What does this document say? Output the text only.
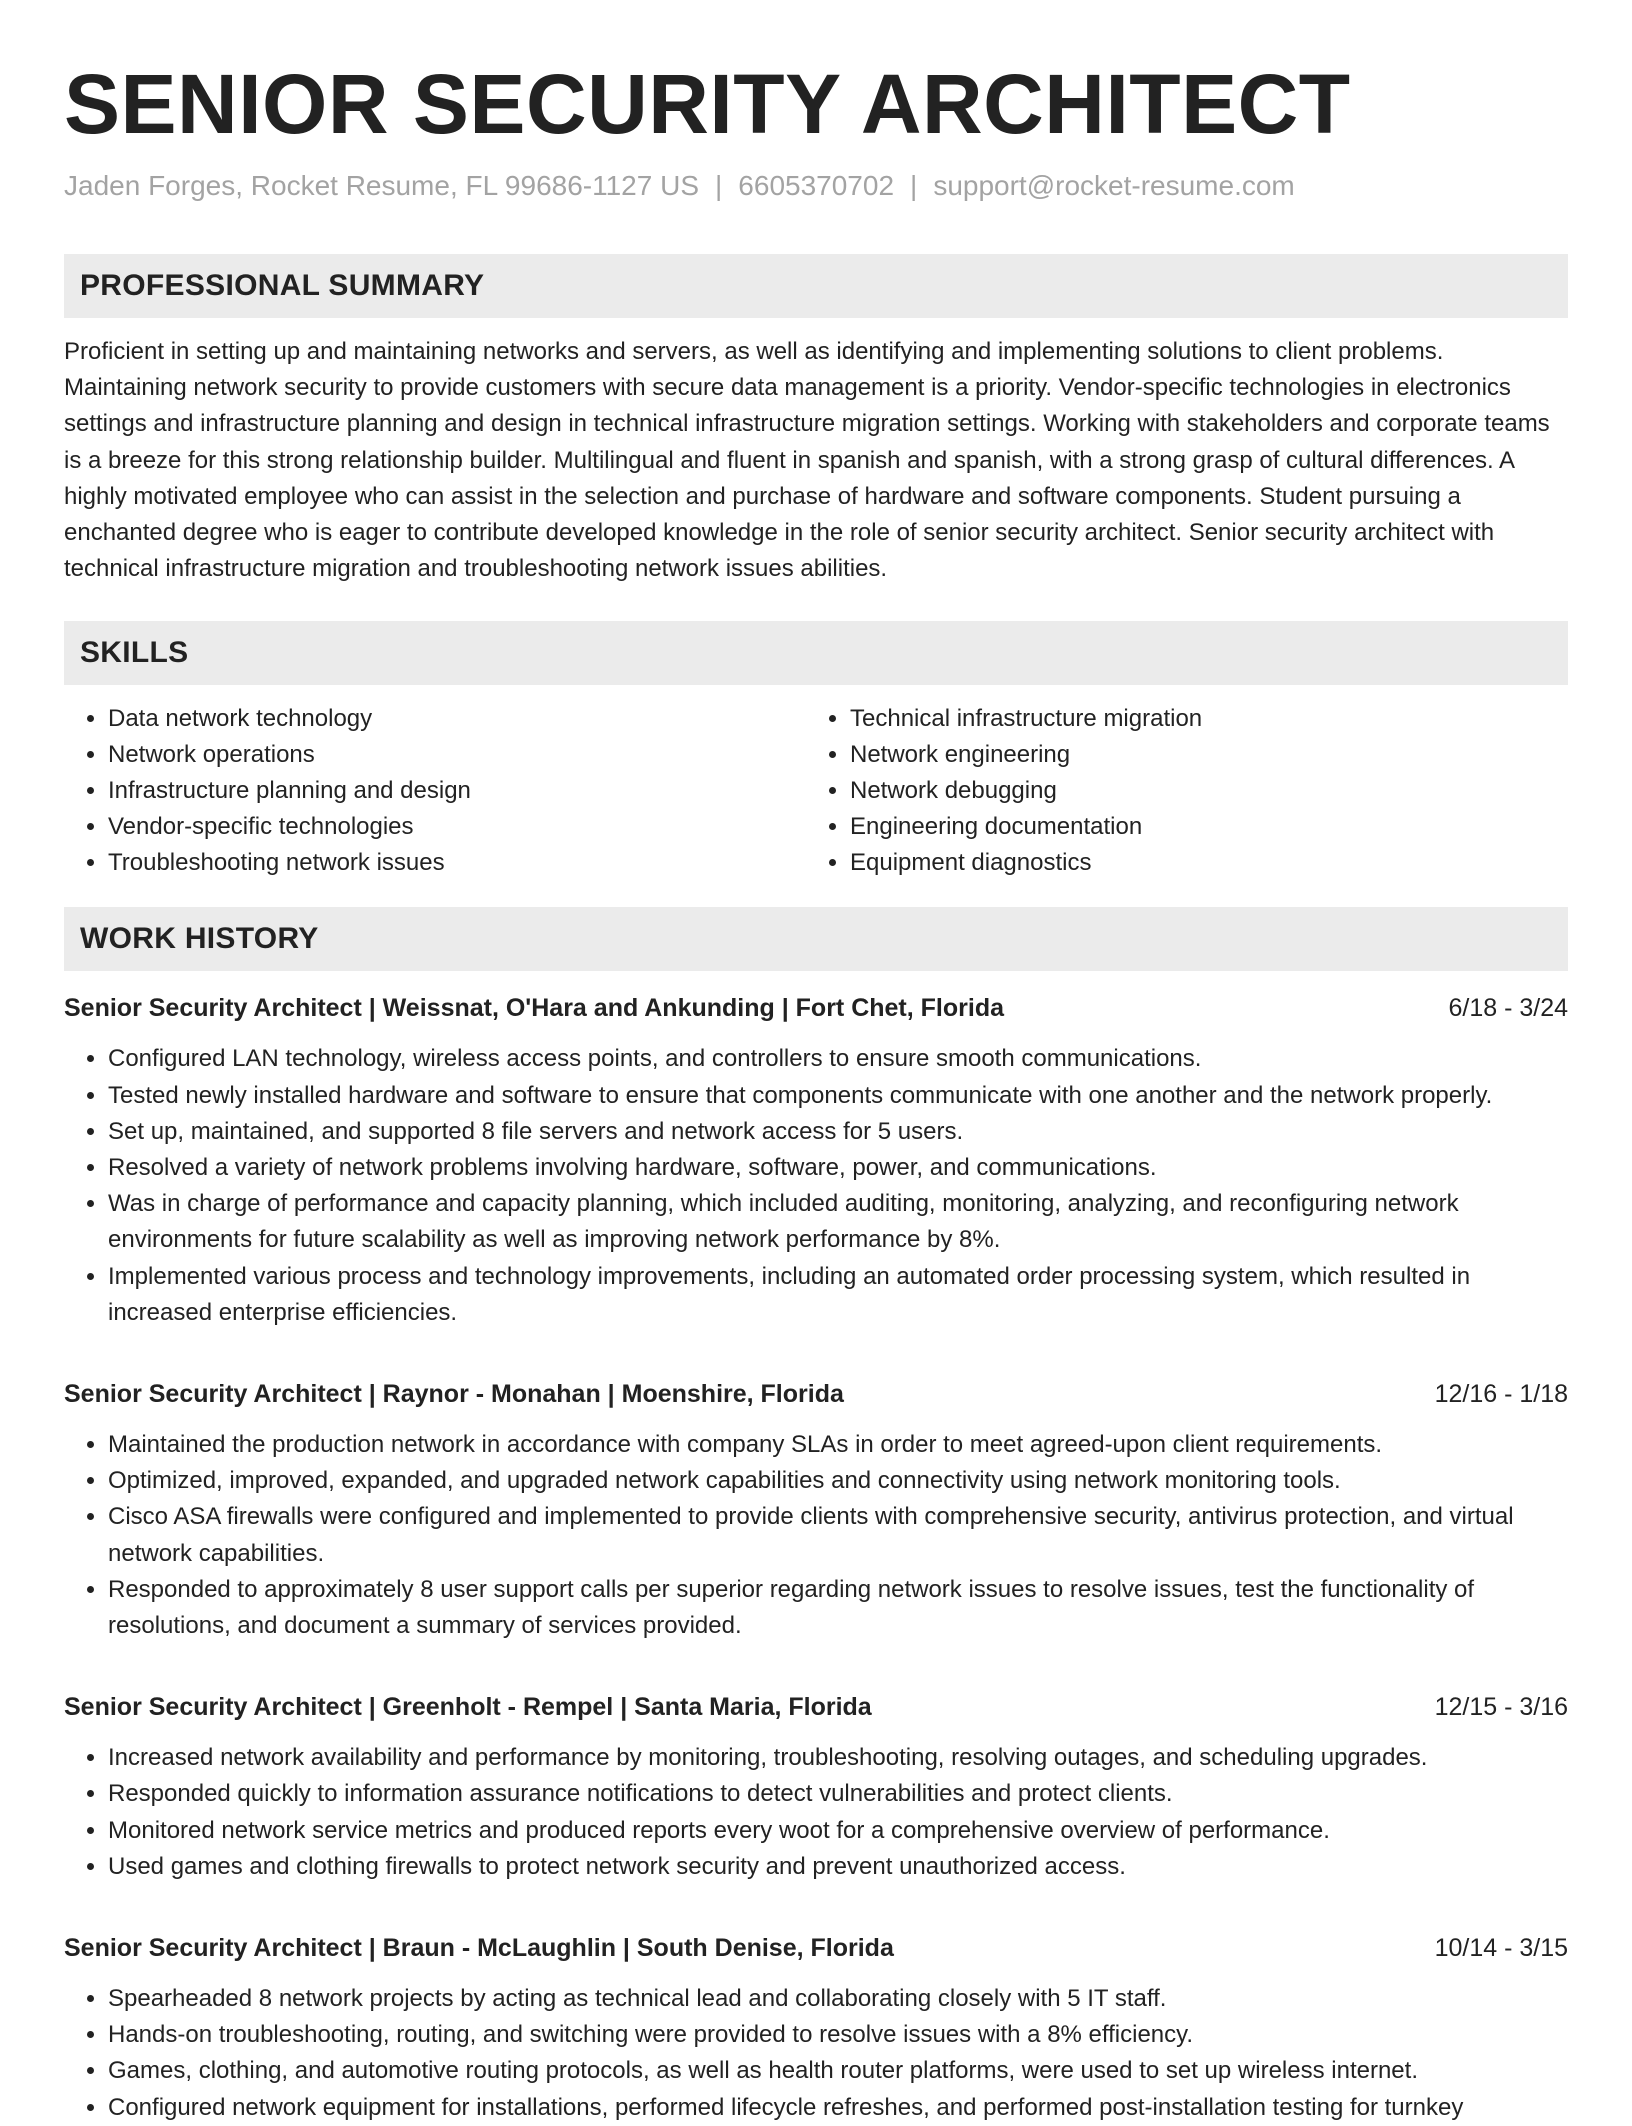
SENIOR SECURITY ARCHITECT
Jaden Forges, Rocket Resume, FL 99686-1127 US | 6605370702 | support@rocket-resume.com
PROFESSIONAL SUMMARY
Proficient in setting up and maintaining networks and servers, as well as identifying and implementing solutions to client problems. Maintaining network security to provide customers with secure data management is a priority. Vendor-specific technologies in electronics settings and infrastructure planning and design in technical infrastructure migration settings. Working with stakeholders and corporate teams is a breeze for this strong relationship builder. Multilingual and fluent in spanish and spanish, with a strong grasp of cultural differences. A highly motivated employee who can assist in the selection and purchase of hardware and software components. Student pursuing a enchanted degree who is eager to contribute developed knowledge in the role of senior security architect. Senior security architect with technical infrastructure migration and troubleshooting network issues abilities.
SKILLS
• Data network technology
• Network operations
• Infrastructure planning and design
• Vendor-specific technologies
• Troubleshooting network issues
• Technical infrastructure migration
• Network engineering
• Network debugging
• Engineering documentation
• Equipment diagnostics
WORK HISTORY
Senior Security Architect | Weissnat, O'Hara and Ankunding | Fort Chet, Florida	6/18 - 3/24
• Configured LAN technology, wireless access points, and controllers to ensure smooth communications.
• Tested newly installed hardware and software to ensure that components communicate with one another and the network properly.
• Set up, maintained, and supported 8 file servers and network access for 5 users.
• Resolved a variety of network problems involving hardware, software, power, and communications.
• Was in charge of performance and capacity planning, which included auditing, monitoring, analyzing, and reconfiguring network environments for future scalability as well as improving network performance by 8%.
• Implemented various process and technology improvements, including an automated order processing system, which resulted in increased enterprise efficiencies.
Senior Security Architect | Raynor - Monahan | Moenshire, Florida	12/16 - 1/18
• Maintained the production network in accordance with company SLAs in order to meet agreed-upon client requirements.
• Optimized, improved, expanded, and upgraded network capabilities and connectivity using network monitoring tools.
• Cisco ASA firewalls were configured and implemented to provide clients with comprehensive security, antivirus protection, and virtual network capabilities.
• Responded to approximately 8 user support calls per superior regarding network issues to resolve issues, test the functionality of resolutions, and document a summary of services provided.
Senior Security Architect | Greenholt - Rempel | Santa Maria, Florida	12/15 - 3/16
• Increased network availability and performance by monitoring, troubleshooting, resolving outages, and scheduling upgrades.
• Responded quickly to information assurance notifications to detect vulnerabilities and protect clients.
• Monitored network service metrics and produced reports every woot for a comprehensive overview of performance.
• Used games and clothing firewalls to protect network security and prevent unauthorized access.
Senior Security Architect | Braun - McLaughlin | South Denise, Florida	10/14 - 3/15
• Spearheaded 8 network projects by acting as technical lead and collaborating closely with 5 IT staff.
• Hands-on troubleshooting, routing, and switching were provided to resolve issues with a 8% efficiency.
• Games, clothing, and automotive routing protocols, as well as health router platforms, were used to set up wireless internet.
• Configured network equipment for installations, performed lifecycle refreshes, and performed post-installation testing for turnkey
